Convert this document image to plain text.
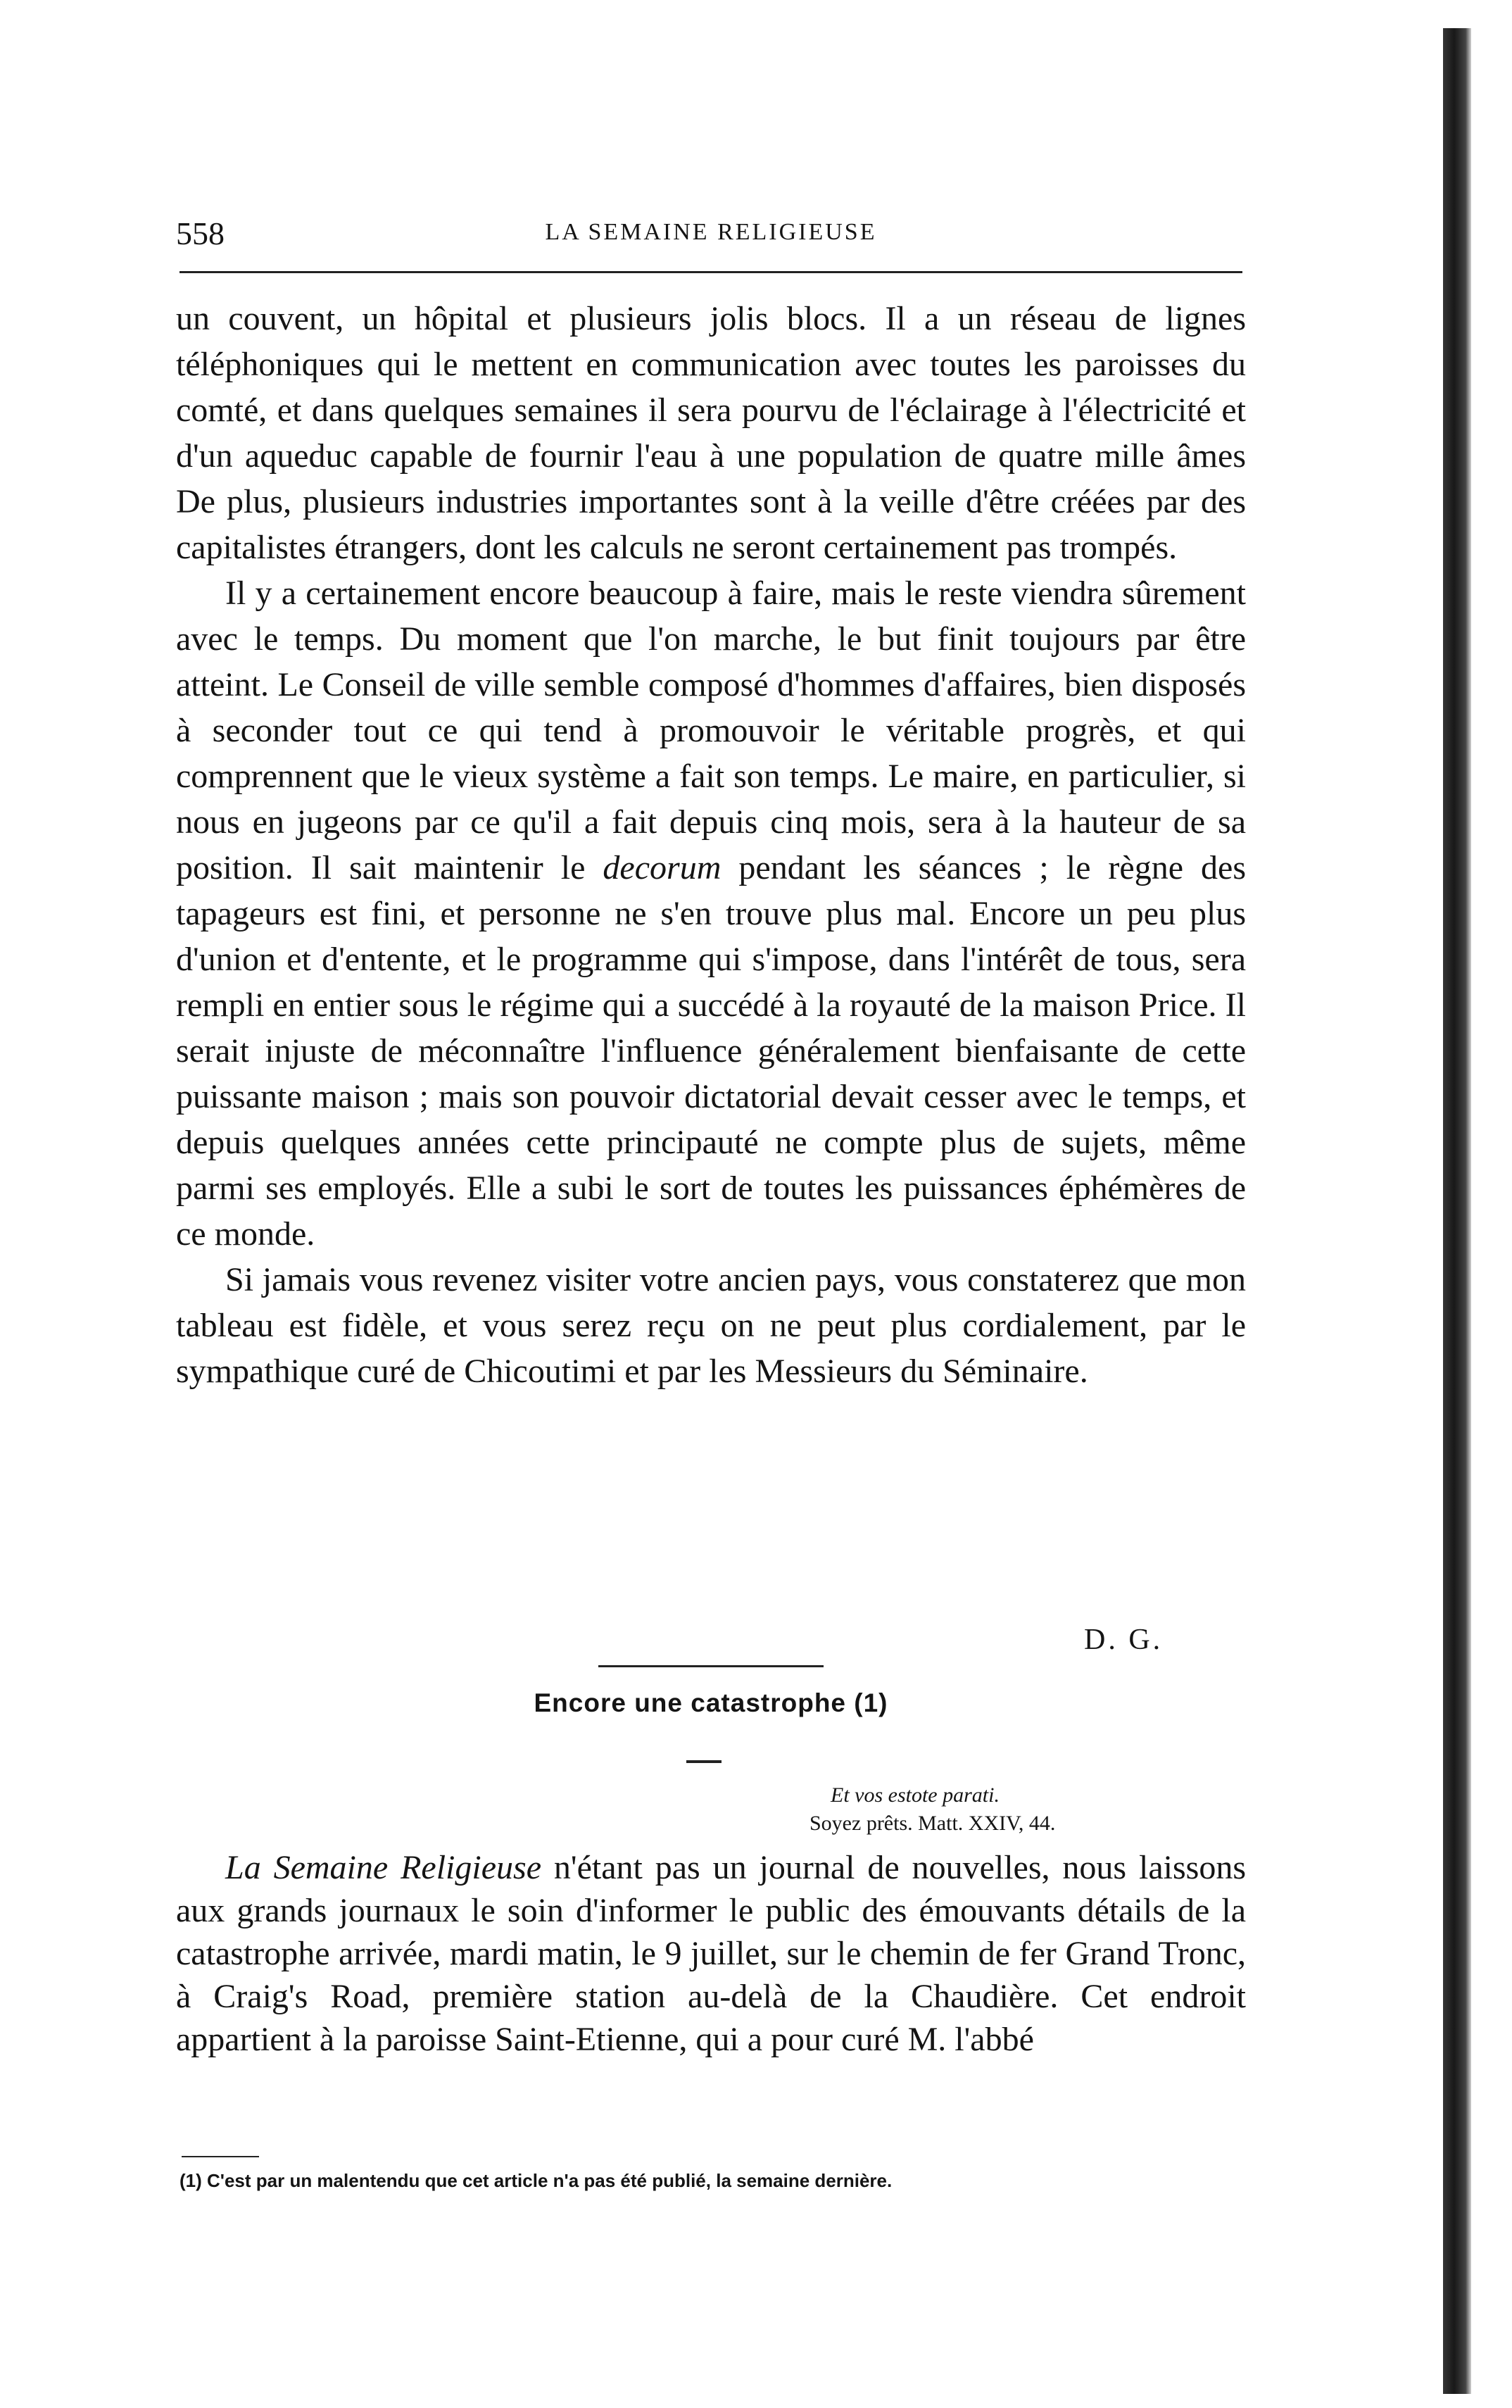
558	LA SEMAINE RELIGIEUSE

un couvent, un hôpital et plusieurs jolis blocs. Il a un réseau de lignes téléphoniques qui le mettent en communication avec toutes les paroisses du comté, et dans quelques semaines il sera pourvu de l'éclairage à l'électricité et d'un aqueduc capable de fournir l'eau à une population de quatre mille âmes De plus, plusieurs industries importantes sont à la veille d'être créées par des capitalistes étrangers, dont les calculs ne seront certainement pas trompés.

Il y a certainement encore beaucoup à faire, mais le reste viendra sûrement avec le temps. Du moment que l'on marche, le but finit toujours par être atteint. Le Conseil de ville semble composé d'hommes d'affaires, bien disposés à seconder tout ce qui tend à promouvoir le véritable progrès, et qui comprennent que le vieux système a fait son temps. Le maire, en particulier, si nous en jugeons par ce qu'il a fait depuis cinq mois, sera à la hauteur de sa position. Il sait maintenir le decorum pendant les séances ; le règne des tapageurs est fini, et personne ne s'en trouve plus mal. Encore un peu plus d'union et d'entente, et le programme qui s'impose, dans l'intérêt de tous, sera rempli en entier sous le régime qui a succédé à la royauté de la maison Price. Il serait injuste de méconnaître l'influence généralement bienfaisante de cette puissante maison ; mais son pouvoir dictatorial devait cesser avec le temps, et depuis quelques années cette principauté ne compte plus de sujets, même parmi ses employés. Elle a subi le sort de toutes les puissances éphémères de ce monde.

Si jamais vous revenez visiter votre ancien pays, vous constaterez que mon tableau est fidèle, et vous serez reçu on ne peut plus cordialement, par le sympathique curé de Chicoutimi et par les Messieurs du Séminaire.

D. G.
Encore une catastrophe (1)
Et vos estote parati.
Soyez prêts. Matt. XXIV, 44.

La Semaine Religieuse n'étant pas un journal de nouvelles, nous laissons aux grands journaux le soin d'informer le public des émouvants détails de la catastrophe arrivée, mardi matin, le 9 juillet, sur le chemin de fer Grand Tronc, à Craig's Road, première station au-delà de la Chaudière. Cet endroit appartient à la paroisse Saint-Etienne, qui a pour curé M. l'abbé

(1) C'est par un malentendu que cet article n'a pas été publié, la semaine dernière.
